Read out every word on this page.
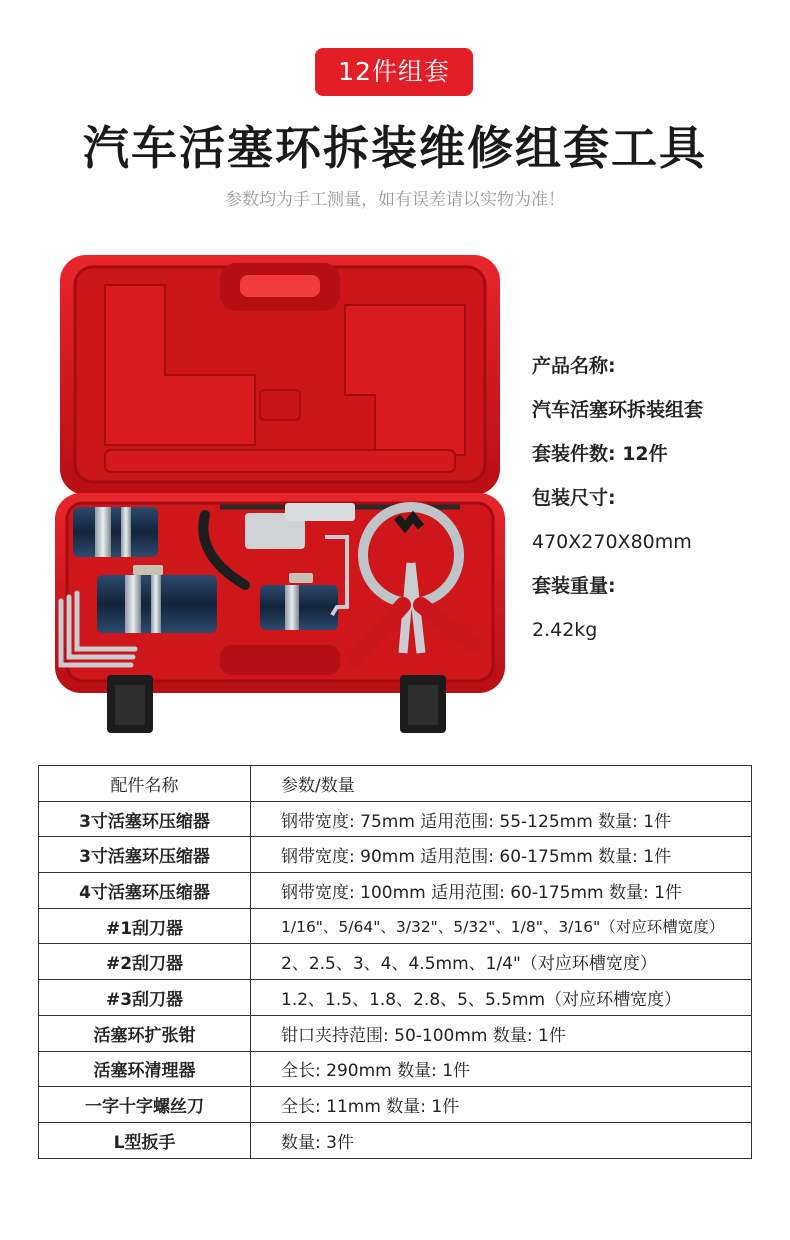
12件组套
汽车活塞环拆装维修组套工具
参数均为手工测量，如有误差请以实物为准！
产品名称:
汽车活塞环拆装组套
套装件数: 12件
包装尺寸:
470X270X80mm
套装重量:
2.42kg
配件名称	参数/数量
3寸活塞环压缩器	钢带宽度: 75mm 适用范围: 55-125mm 数量: 1件
3寸活塞环压缩器	钢带宽度: 90mm 适用范围: 60-175mm 数量: 1件
4寸活塞环压缩器	钢带宽度: 100mm 适用范围: 60-175mm 数量: 1件
#1刮刀器	1/16"、5/64"、3/32"、5/32"、1/8"、3/16"（对应环槽宽度）
#2刮刀器	2、2.5、3、4、4.5mm、1/4"（对应环槽宽度）
#3刮刀器	1.2、1.5、1.8、2.8、5、5.5mm（对应环槽宽度）
活塞环扩张钳	钳口夹持范围: 50-100mm 数量: 1件
活塞环清理器	全长: 290mm 数量: 1件
一字十字螺丝刀	全长: 11mm 数量: 1件
L型扳手	数量: 3件
